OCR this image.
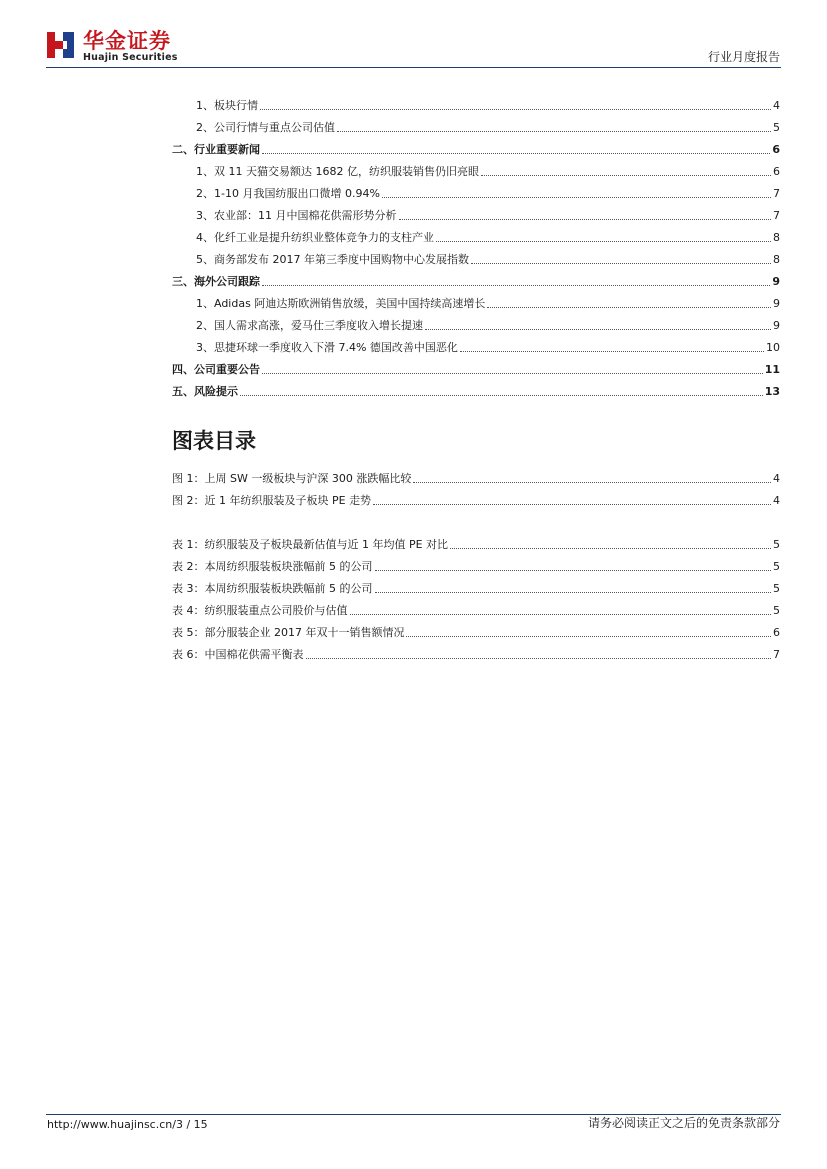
华金证券
Huajin Securities	行业月度报告
1、板块行情	4
2、公司行情与重点公司估值	5
二、行业重要新闻	6
1、双 11 天猫交易额达 1682 亿，纺织服装销售仍旧亮眼	6
2、1-10 月我国纺服出口微增 0.94%	7
3、农业部：11 月中国棉花供需形势分析	7
4、化纤工业是提升纺织业整体竞争力的支柱产业	8
5、商务部发布 2017 年第三季度中国购物中心发展指数	8
三、海外公司跟踪	9
1、Adidas 阿迪达斯欧洲销售放缓，美国中国持续高速增长	9
2、国人需求高涨，爱马仕三季度收入增长提速	9
3、思捷环球一季度收入下滑 7.4% 德国改善中国恶化	10
四、公司重要公告	11
五、风险提示	13
图表目录
图 1：上周 SW 一级板块与沪深 300 涨跌幅比较	4
图 2：近 1 年纺织服装及子板块 PE 走势	4
表 1：纺织服装及子板块最新估值与近 1 年均值 PE 对比	5
表 2：本周纺织服装板块涨幅前 5 的公司	5
表 3：本周纺织服装板块跌幅前 5 的公司	5
表 4：纺织服装重点公司股价与估值	5
表 5：部分服装企业 2017 年双十一销售额情况	6
表 6：中国棉花供需平衡表	7
http://www.huajinsc.cn/3 / 15	请务必阅读正文之后的免责条款部分
